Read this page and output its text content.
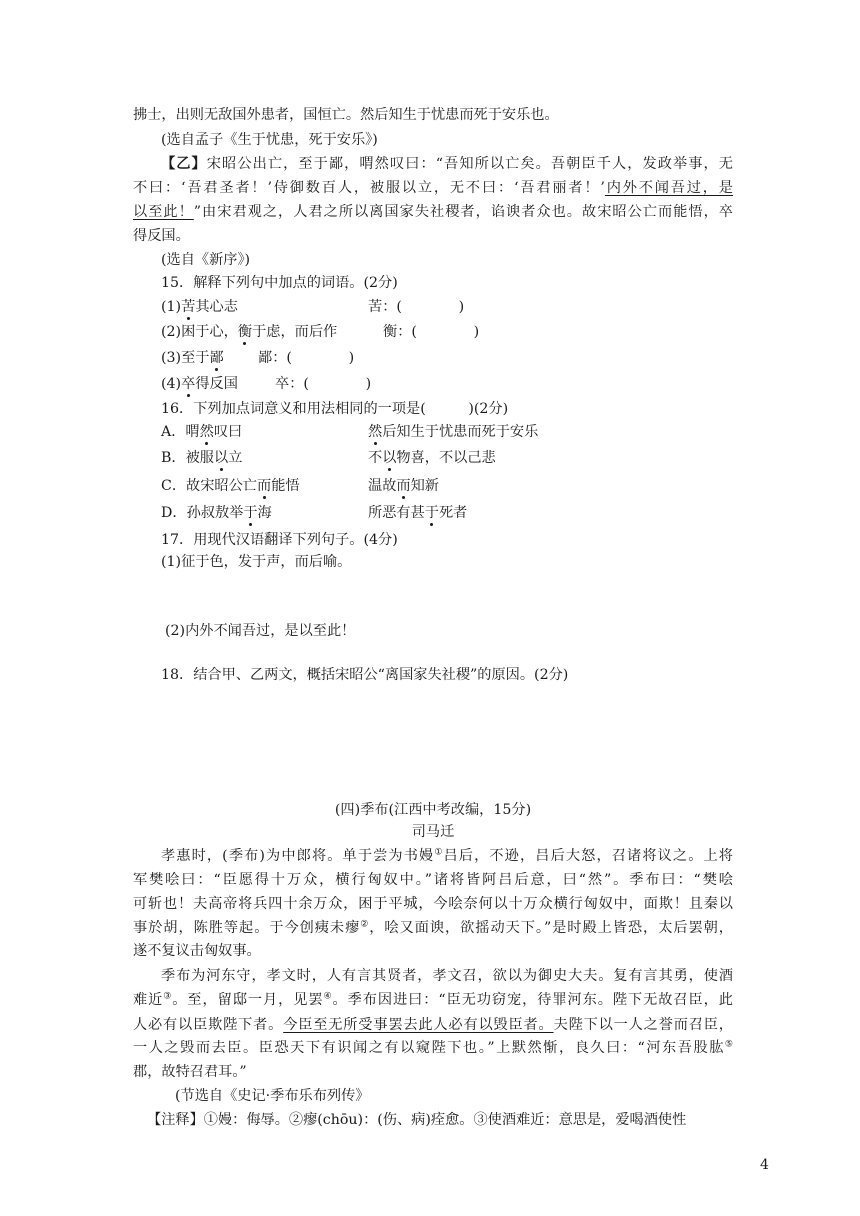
拂士，出则无敌国外患者，国恒亡。然后知生于忧患而死于安乐也。
(选自孟子《生于忧患，死于安乐》)
【乙】宋昭公出亡，至于鄙，喟然叹曰：“吾知所以亡矣。吾朝臣千人，发政举事，无
不曰：‘吾君圣者！’侍御数百人，被服以立，无不曰：‘吾君丽者！’内外不闻吾过，是
以至此！”由宋君观之，人君之所以离国家失社稷者，谄谀者众也。故宋昭公亡而能悟，卒
得反国。
(选自《新序》)
15．解释下列句中加点的词语。(2分)
(1)苦其心志	苦：(　　　　)
(2)困于心，衡于虑，而后作	衡：(　　　　)
(3)至于鄙	鄙：(　　　　)
(4)卒得反国	卒：(　　　　)
16．下列加点词意义和用法相同的一项是(　　　)(2分)
A．喟然叹曰	然后知生于忧患而死于安乐
B．被服以立	不以物喜，不以己悲
C．故宋昭公亡而能悟	温故而知新
D．孙叔敖举于海	所恶有甚于死者
17．用现代汉语翻译下列句子。(4分)
(1)征于色，发于声，而后喻。
(2)内外不闻吾过，是以至此！
18．结合甲、乙两文，概括宋昭公“离国家失社稷”的原因。(2分)
(四)季布(江西中考改编，15分)
司马迁
孝惠时，(季布)为中郎将。单于尝为书嫚①吕后，不逊，吕后大怒，召诸将议之。上将
军樊哙曰：“臣愿得十万众，横行匈奴中。”诸将皆阿吕后意，曰“然”。季布曰：“樊哙
可斩也！夫高帝将兵四十余万众，困于平城，今哙奈何以十万众横行匈奴中，面欺！且秦以
事於胡，陈胜等起。于今创痍未瘳②，哙又面谀，欲摇动天下。”是时殿上皆恐，太后罢朝，
遂不复议击匈奴事。
季布为河东守，孝文时，人有言其贤者，孝文召，欲以为御史大夫。复有言其勇，使酒
难近③。至，留邸一月，见罢④。季布因进曰：“臣无功窃宠，待罪河东。陛下无故召臣，此
人必有以臣欺陛下者。今臣至无所受事罢去此人必有以毁臣者。夫陛下以一人之誉而召臣，
一人之毁而去臣。臣恐天下有识闻之有以窥陛下也。”上默然惭，良久曰：“河东吾股肱⑤
郡，故特召君耳。”
(节选自《史记·季布乐布列传》
【注释】①嫚：侮辱。②瘳(chōu)：(伤、病)痊愈。③使酒难近：意思是，爱喝酒使性
4
